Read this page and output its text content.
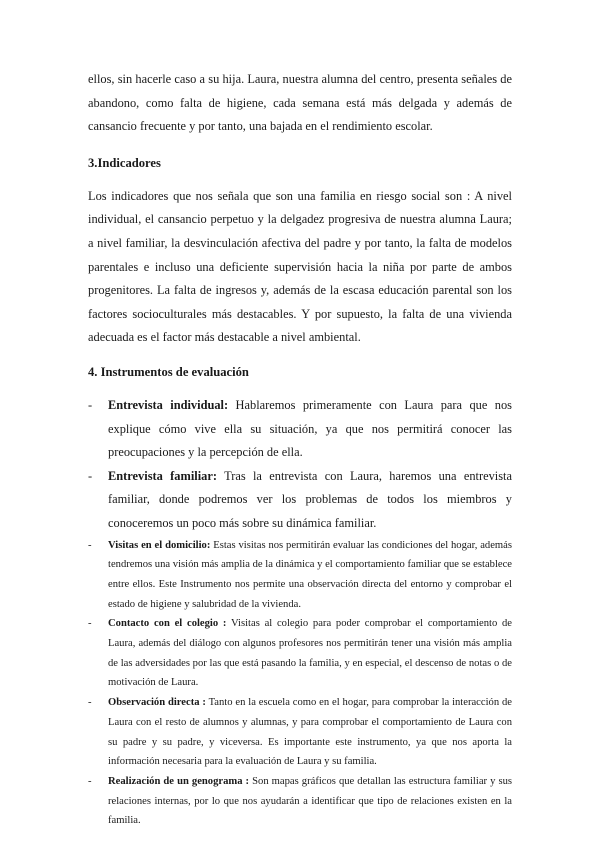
ellos, sin hacerle caso a su hija. Laura, nuestra alumna del centro, presenta señales de abandono, como falta de higiene, cada semana está más delgada y además de cansancio frecuente y por tanto, una bajada en el rendimiento escolar.

3.Indicadores

Los indicadores que nos señala que son una familia en riesgo social son : A nivel individual, el cansancio perpetuo y la delgadez progresiva de nuestra alumna Laura; a nivel familiar, la desvinculación afectiva del padre y por tanto, la falta de modelos parentales e incluso una deficiente supervisión hacia la niña por parte de ambos progenitores. La falta de ingresos y, además de la escasa educación parental son los factores socioculturales más destacables. Y por supuesto, la falta de una vivienda adecuada es el factor más destacable a nivel ambiental.

4. Instrumentos de evaluación
- Entrevista individual: Hablaremos primeramente con Laura para que nos explique cómo vive ella su situación, ya que nos permitirá conocer las preocupaciones y la percepción de ella.
- Entrevista familiar: Tras la entrevista con Laura, haremos una entrevista familiar, donde podremos ver los problemas de todos los miembros y conoceremos un poco más sobre su dinámica familiar.
- Visitas en el domicilio: Estas visitas nos permitirán evaluar las condiciones del hogar, además tendremos una visión más amplia de la dinámica y el comportamiento familiar que se establece entre ellos. Este Instrumento nos permite una observación directa del entorno y comprobar el estado de higiene y salubridad de la vivienda.
- Contacto con el colegio : Visitas al colegio para poder comprobar el comportamiento de Laura, además del diálogo con algunos profesores nos permitirán tener una visión más amplia de las adversidades por las que está pasando la familia, y en especial, el descenso de notas o de motivación de Laura.
- Observación directa : Tanto en la escuela como en el hogar, para comprobar la interacción de Laura con el resto de alumnos y alumnas, y para comprobar el comportamiento de Laura con su padre y su padre, y viceversa. Es importante este instrumento, ya que nos aporta la información necesaria para la evaluación de Laura y su familia.
- Realización de un genograma : Son mapas gráficos que detallan las estructura familiar y sus relaciones internas, por lo que nos ayudarán a identificar que tipo de relaciones existen en la familia.
